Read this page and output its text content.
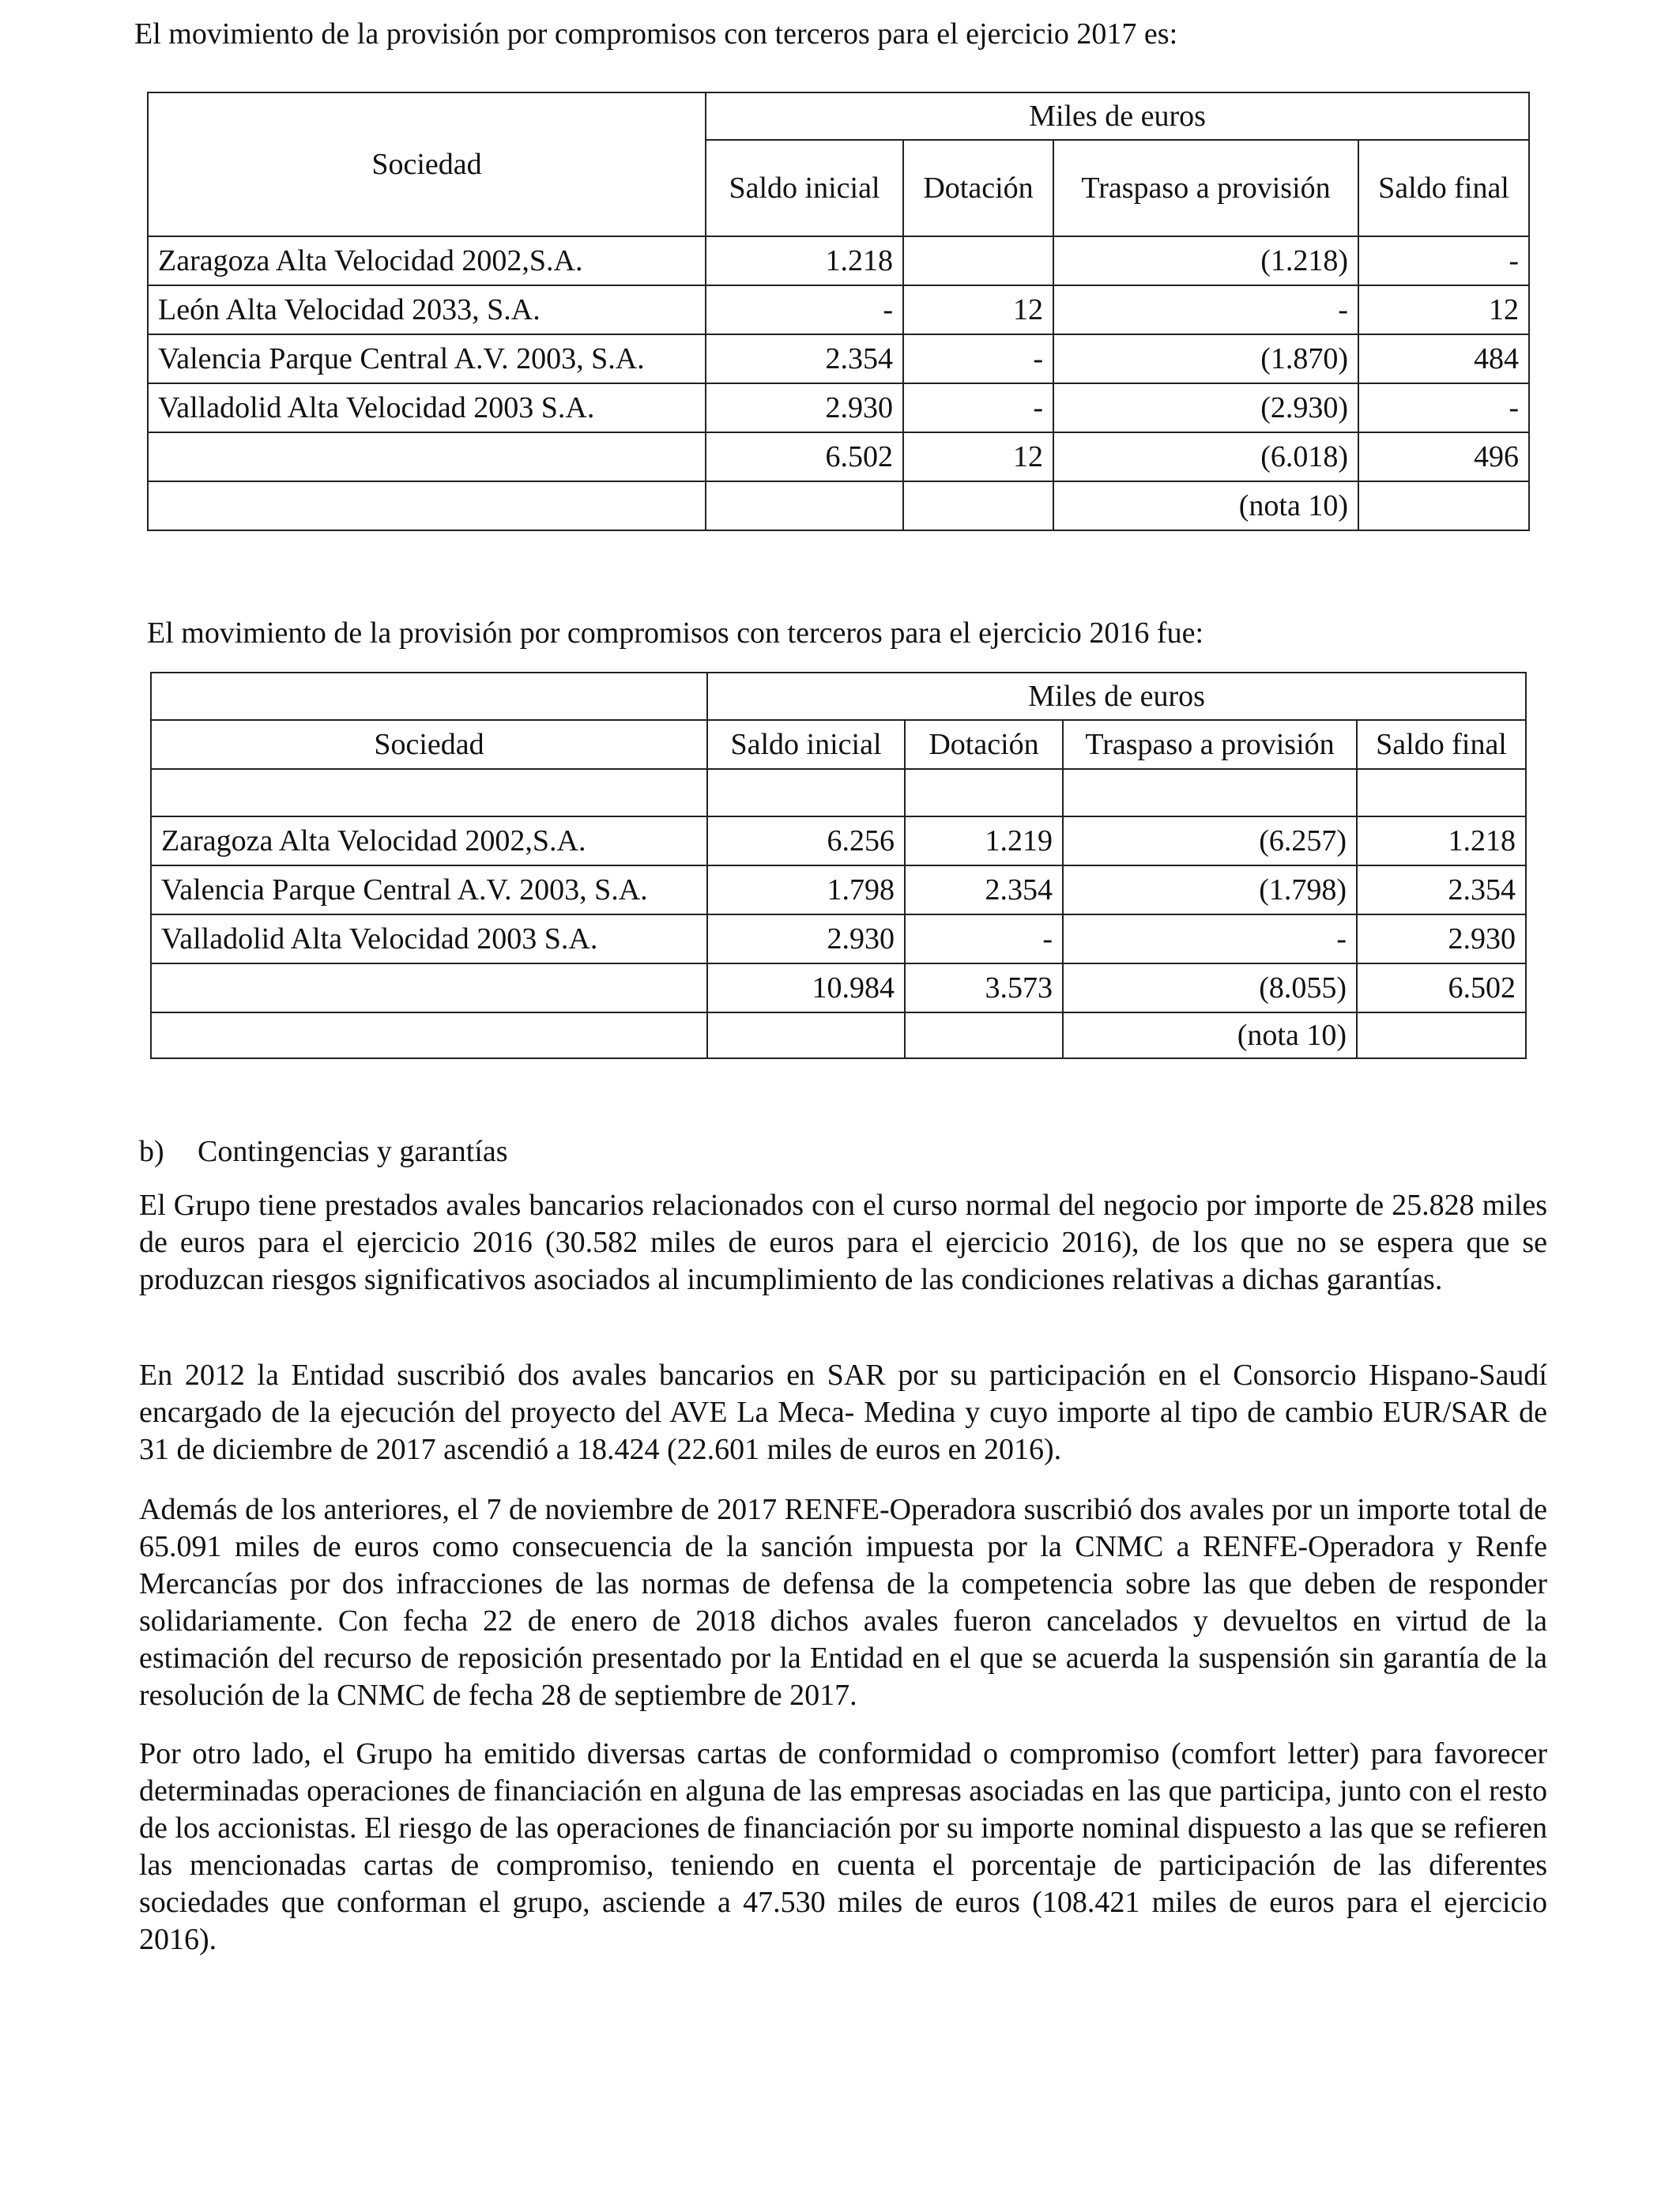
El movimiento de la provisión por compromisos con terceros para el ejercicio 2017 es:
Sociedad	Miles de euros			
	Saldo inicial	Dotación	Traspaso a provisión	Saldo final
Zaragoza Alta Velocidad 2002,S.A.	1.218		(1.218)	-
León Alta Velocidad 2033, S.A.	-	12	-	12
Valencia Parque Central A.V. 2003, S.A.	2.354	-	(1.870)	484
Valladolid Alta Velocidad 2003 S.A.	2.930	-	(2.930)	-
	6.502	12	(6.018)	496
			(nota 10)	
El movimiento de la provisión por compromisos con terceros para el ejercicio 2016 fue:
	Miles de euros			
Sociedad	Saldo inicial	Dotación	Traspaso a provisión	Saldo final

Zaragoza Alta Velocidad 2002,S.A.	6.256	1.219	(6.257)	1.218
Valencia Parque Central A.V. 2003, S.A.	1.798	2.354	(1.798)	2.354
Valladolid Alta Velocidad 2003 S.A.	2.930	-	-	2.930
	10.984	3.573	(8.055)	6.502
			(nota 10)	
b) Contingencias y garantías

El Grupo tiene prestados avales bancarios relacionados con el curso normal del negocio por importe de 25.828 miles de euros para el ejercicio 2016 (30.582 miles de euros para el ejercicio 2016), de los que no se espera que se produzcan riesgos significativos asociados al incumplimiento de las condiciones relativas a dichas garantías.

En 2012 la Entidad suscribió dos avales bancarios en SAR por su participación en el Consorcio Hispano-Saudí encargado de la ejecución del proyecto del AVE La Meca- Medina y cuyo importe al tipo de cambio EUR/SAR de 31 de diciembre de 2017 ascendió a 18.424 (22.601 miles de euros en 2016).

Además de los anteriores, el 7 de noviembre de 2017 RENFE-Operadora suscribió dos avales por un importe total de 65.091 miles de euros como consecuencia de la sanción impuesta por la CNMC a RENFE-Operadora y Renfe Mercancías por dos infracciones de las normas de defensa de la competencia sobre las que deben de responder solidariamente. Con fecha 22 de enero de 2018 dichos avales fueron cancelados y devueltos en virtud de la estimación del recurso de reposición presentado por la Entidad en el que se acuerda la suspensión sin garantía de la resolución de la CNMC de fecha 28 de septiembre de 2017.

Por otro lado, el Grupo ha emitido diversas cartas de conformidad o compromiso (comfort letter) para favorecer determinadas operaciones de financiación en alguna de las empresas asociadas en las que participa, junto con el resto de los accionistas. El riesgo de las operaciones de financiación por su importe nominal dispuesto a las que se refieren las mencionadas cartas de compromiso, teniendo en cuenta el porcentaje de participación de las diferentes sociedades que conforman el grupo, asciende a 47.530 miles de euros (108.421 miles de euros para el ejercicio 2016).
